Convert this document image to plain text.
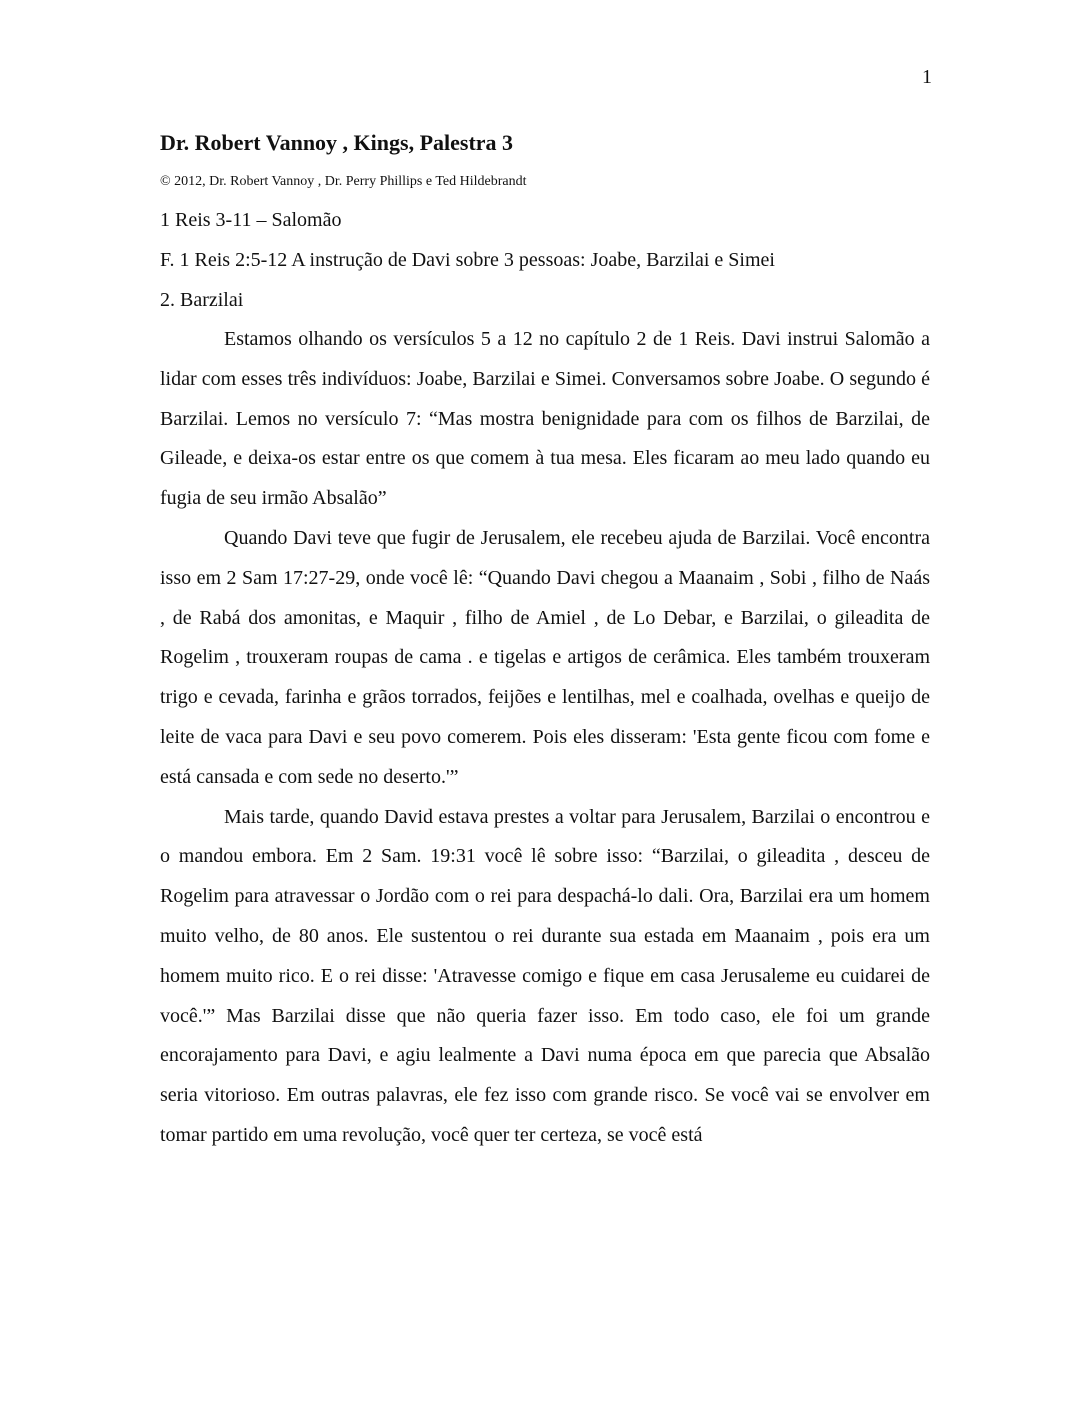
1
Dr. Robert Vannoy , Kings, Palestra 3
© 2012, Dr. Robert Vannoy , Dr. Perry Phillips e Ted Hildebrandt
1 Reis 3-11 – Salomão
F. 1 Reis 2:5-12 A instrução de Davi sobre 3 pessoas: Joabe, Barzilai e Simei
2. Barzilai

Estamos olhando os versículos 5 a 12 no capítulo 2 de 1 Reis. Davi instrui Salomão a lidar com esses três indivíduos: Joabe, Barzilai e Simei. Conversamos sobre Joabe. O segundo é Barzilai. Lemos no versículo 7: “Mas mostra benignidade para com os filhos de Barzilai, de Gileade, e deixa-os estar entre os que comem à tua mesa. Eles ficaram ao meu lado quando eu fugia de seu irmão Absalão”

Quando Davi teve que fugir de Jerusalem, ele recebeu ajuda de Barzilai. Você encontra isso em 2 Sam 17:27-29, onde você lê: “Quando Davi chegou a Maanaim , Sobi , filho de Naás , de Rabá dos amonitas, e Maquir , filho de Amiel , de Lo Debar, e Barzilai, o gileadita de Rogelim , trouxeram roupas de cama . e tigelas e artigos de cerâmica. Eles também trouxeram trigo e cevada, farinha e grãos torrados, feijões e lentilhas, mel e coalhada, ovelhas e queijo de leite de vaca para Davi e seu povo comerem. Pois eles disseram: 'Esta gente ficou com fome e está cansada e com sede no deserto.'”

Mais tarde, quando David estava prestes a voltar para Jerusalem, Barzilai o encontrou e o mandou embora. Em 2 Sam. 19:31 você lê sobre isso: “Barzilai, o gileadita , desceu de Rogelim para atravessar o Jordão com o rei para despachá-lo dali. Ora, Barzilai era um homem muito velho, de 80 anos. Ele sustentou o rei durante sua estada em Maanaim , pois era um homem muito rico. E o rei disse: 'Atravesse comigo e fique em casa Jerusaleme eu cuidarei de você.'” Mas Barzilai disse que não queria fazer isso. Em todo caso, ele foi um grande encorajamento para Davi, e agiu lealmente a Davi numa época em que parecia que Absalão seria vitorioso. Em outras palavras, ele fez isso com grande risco. Se você vai se envolver em tomar partido em uma revolução, você quer ter certeza, se você está
